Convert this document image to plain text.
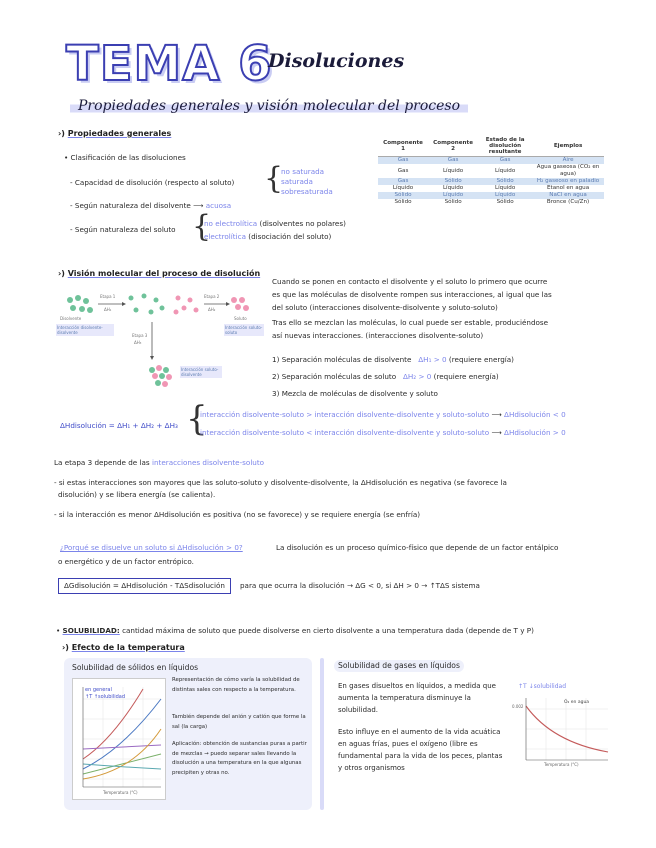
TEMA 6
Disoluciones
Propiedades generales y visión molecular del proceso
›) Propiedades generales
• Clasificación de las disoluciones
- Capacidad de disolución (respecto al soluto) {
no saturada
saturada
sobresaturada
- Según naturaleza del disolvente ⟶ acuosa
- Según naturaleza del soluto {
no electrolítica (disolventes no polares)
electrolítica (disociación del soluto)
Componente 1	Componente 2	Estado de la disolución resultante	Ejemplos
Gas	Gas	Gas	Aire
Gas	Líquido	Líquido	Agua gaseosa (CO₂ en agua)
Gas	Sólido	Sólido	H₂ gaseoso en paladio
Líquido	Líquido	Líquido	Etanol en agua
Sólido	Líquido	Líquido	NaCl en agua
Sólido	Sólido	Sólido	Bronce (Cu/Zn)
›) Visión molecular del proceso de disolución
Etapa 1
ΔH₁
Etapa 2
ΔH₂
Etapa 3
ΔH₃
Disolvente	Soluto
Interacción disolvente-disolvente
Interacción soluto-soluto
Interacción soluto-disolvente
Cuando se ponen en contacto el disolvente y el soluto lo primero que ocurre
es que las moléculas de disolvente rompen sus interacciones, al igual que las
del soluto (interacciones disolvente-disolvente y soluto-soluto)
Tras ello se mezclan las moléculas, lo cual puede ser estable, produciéndose
así nuevas interacciones. (interacciones disolvente-soluto)
1) Separación moléculas de disolvente ΔH₁ > 0 (requiere energía)
2) Separación moléculas de soluto ΔH₂ > 0 (requiere energía)
3) Mezcla de moléculas de disolvente y soluto
ΔHdisolución = ΔH₁ + ΔH₂ + ΔH₃ {
interacción disolvente-soluto > interacción disolvente-disolvente y soluto-soluto ⟶ ΔHdisolución < 0
interacción disolvente-soluto < interacción disolvente-disolvente y soluto-soluto ⟶ ΔHdisolución > 0
La etapa 3 depende de las interacciones disolvente-soluto
- si estas interacciones son mayores que las soluto-soluto y disolvente-disolvente, la ΔHdisolución es negativa (se favorece la
disolución) y se libera energía (se calienta).
- si la interacción es menor ΔHdisolución es positiva (no se favorece) y se requiere energía (se enfría)
¿Porqué se disuelve un soluto si ΔHdisolución > 0?	La disolución es un proceso químico-físico que depende de un factor entálpico
o energético y de un factor entrópico.
ΔGdisolución = ΔHdisolución - TΔSdisolución	para que ocurra la disolución → ΔG < 0, si ΔH > 0 → ↑TΔS sistema
• SOLUBILIDAD: cantidad máxima de soluto que puede disolverse en cierto disolvente a una temperatura dada (depende de T y P)
›) Efecto de la temperatura
Solubilidad de sólidos en líquidos
en general
↑T ↑solubilidad
Temperatura (°C)
Representación de cómo varía la solubilidad de distintas sales con respecto a la temperatura.
También depende del anión y catión que forme la sal (la carga)
Aplicación: obtención de sustancias puras a partir de mezclas → puedo separar sales llevando la disolución a una temperatura en la que algunas precipiten y otras no.
Solubilidad de gases en líquidos
En gases disueltos en líquidos, a medida que aumenta la temperatura disminuye la solubilidad.
Esto influye en el aumento de la vida acuática en aguas frías, pues el oxígeno (libre es fundamental para la vida de los peces, plantas y otros organismos
↑T ↓solubilidad
O₂ en agua
0.002
Temperatura (°C)
